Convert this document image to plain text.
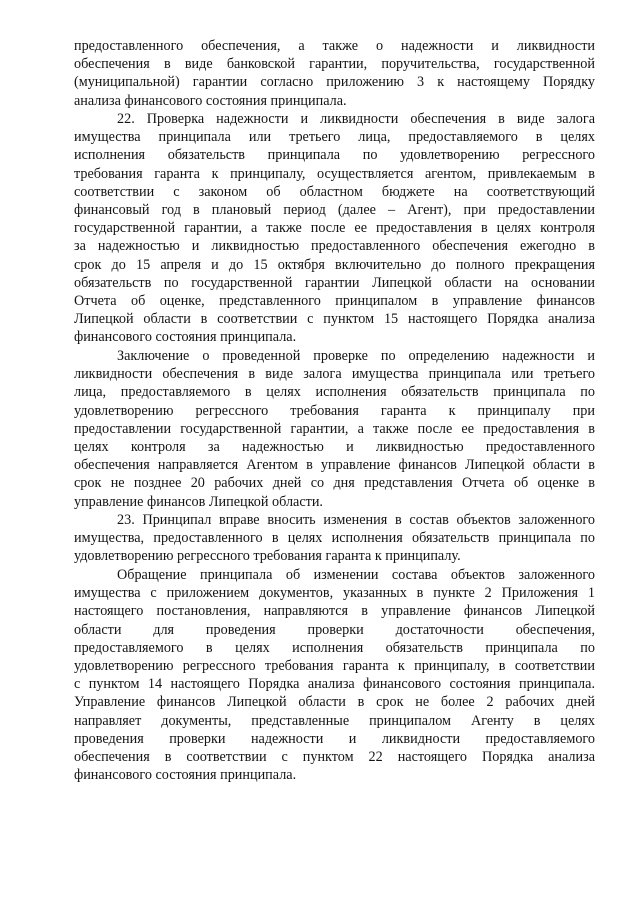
предоставленного обеспечения, а также о надежности и ликвидности
обеспечения в виде банковской гарантии, поручительства, государственной
(муниципальной) гарантии согласно приложению 3 к настоящему Порядку
анализа финансового состояния принципала.
22. Проверка надежности и ликвидности обеспечения в виде залога
имущества принципала или третьего лица, предоставляемого в целях
исполнения обязательств принципала по удовлетворению регрессного
требования гаранта к принципалу, осуществляется агентом, привлекаемым в
соответствии с законом об областном бюджете на соответствующий
финансовый год в плановый период (далее – Агент), при предоставлении
государственной гарантии, а также после ее предоставления в целях контроля
за надежностью и ликвидностью предоставленного обеспечения ежегодно в
срок до 15 апреля и до 15 октября включительно до полного прекращения
обязательств по государственной гарантии Липецкой области на основании
Отчета об оценке, представленного принципалом в управление финансов
Липецкой области в соответствии с пунктом 15 настоящего Порядка анализа
финансового состояния принципала.
Заключение о проведенной проверке по определению надежности и
ликвидности обеспечения в виде залога имущества принципала или третьего
лица, предоставляемого в целях исполнения обязательств принципала по
удовлетворению регрессного требования гаранта к принципалу при
предоставлении государственной гарантии, а также после ее предоставления в
целях контроля за надежностью и ликвидностью предоставленного
обеспечения направляется Агентом в управление финансов Липецкой области в
срок не позднее 20 рабочих дней со дня представления Отчета об оценке в
управление финансов Липецкой области.
23. Принципал вправе вносить изменения в состав объектов заложенного
имущества, предоставленного в целях исполнения обязательств принципала по
удовлетворению регрессного требования гаранта к принципалу.
Обращение принципала об изменении состава объектов заложенного
имущества с приложением документов, указанных в пункте 2 Приложения 1
настоящего постановления, направляются в управление финансов Липецкой
области для проведения проверки достаточности обеспечения,
предоставляемого в целях исполнения обязательств принципала по
удовлетворению регрессного требования гаранта к принципалу, в соответствии
с пунктом 14 настоящего Порядка анализа финансового состояния принципала.
Управление финансов Липецкой области в срок не более 2 рабочих дней
направляет документы, представленные принципалом Агенту в целях
проведения проверки надежности и ликвидности предоставляемого
обеспечения в соответствии с пунктом 22 настоящего Порядка анализа
финансового состояния принципала.
